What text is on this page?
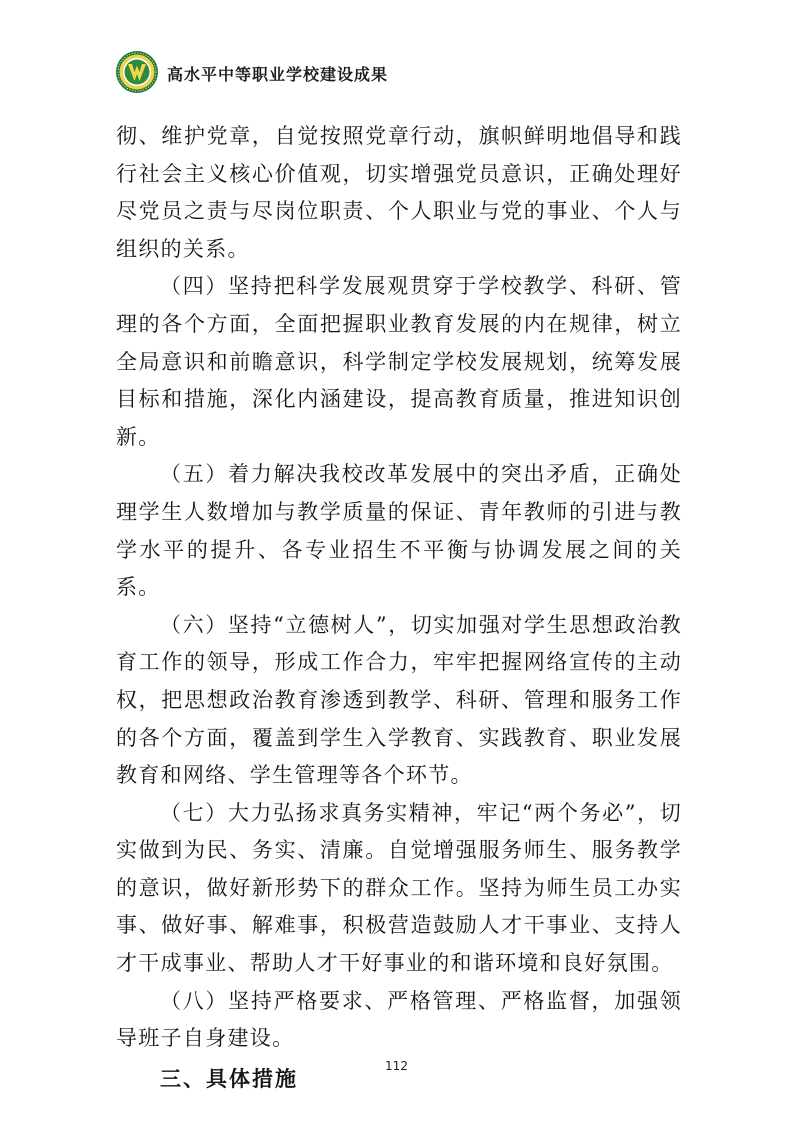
高水平中等职业学校建设成果

彻、维护党章，自觉按照党章行动，旗帜鲜明地倡导和践行社会主义核心价值观，切实增强党员意识，正确处理好尽党员之责与尽岗位职责、个人职业与党的事业、个人与组织的关系。

（四）坚持把科学发展观贯穿于学校教学、科研、管理的各个方面，全面把握职业教育发展的内在规律，树立全局意识和前瞻意识，科学制定学校发展规划，统筹发展目标和措施，深化内涵建设，提高教育质量，推进知识创新。

（五）着力解决我校改革发展中的突出矛盾，正确处理学生人数增加与教学质量的保证、青年教师的引进与教学水平的提升、各专业招生不平衡与协调发展之间的关系。

（六）坚持“立德树人”，切实加强对学生思想政治教育工作的领导，形成工作合力，牢牢把握网络宣传的主动权，把思想政治教育渗透到教学、科研、管理和服务工作的各个方面，覆盖到学生入学教育、实践教育、职业发展教育和网络、学生管理等各个环节。

（七）大力弘扬求真务实精神，牢记“两个务必”，切实做到为民、务实、清廉。自觉增强服务师生、服务教学的意识，做好新形势下的群众工作。坚持为师生员工办实事、做好事、解难事，积极营造鼓励人才干事业、支持人才干成事业、帮助人才干好事业的和谐环境和良好氛围。

（八）坚持严格要求、严格管理、严格监督，加强领导班子自身建设。

三、具体措施

112
